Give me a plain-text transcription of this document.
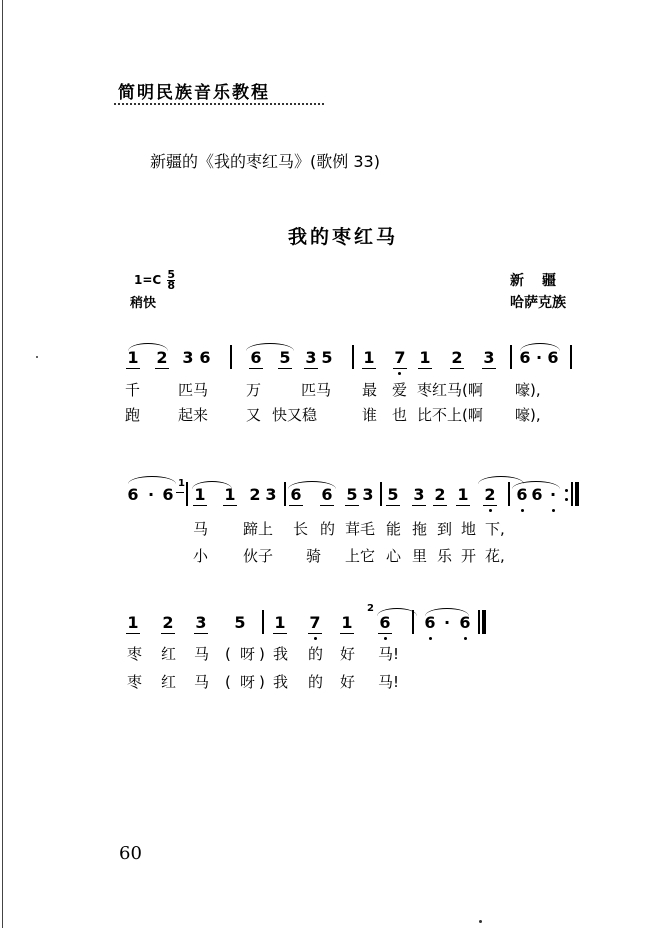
简明民族音乐教程
新疆的《我的枣红马》(歌例 33)
我的枣红马
$1=C \frac{5}{8}$
稍快
新疆
哈萨克族
1 2 3 6 6 5 3 5 1 7 1 2 3 6 · 6
千	匹马	万	匹马 最 爱 枣红马(啊 嚎),
跑	起来	又 快又稳	谁 也 比不上(啊 嚎),
6 · 6
1
1 1 2 3 6 6 5 3 5 3 2 1 2 6 6 ·
马 蹄上 长 的 茸毛 能 拖 到 地 下,
小 伙子 骑 上它 心 里 乐 开 花,
1 2 3 5 1 7 1
2
6 6 · 6
枣 红 马 ( 呀 ) 我 的 好 马!
枣 红 马 ( 呀 ) 我 的 好 马!
60
